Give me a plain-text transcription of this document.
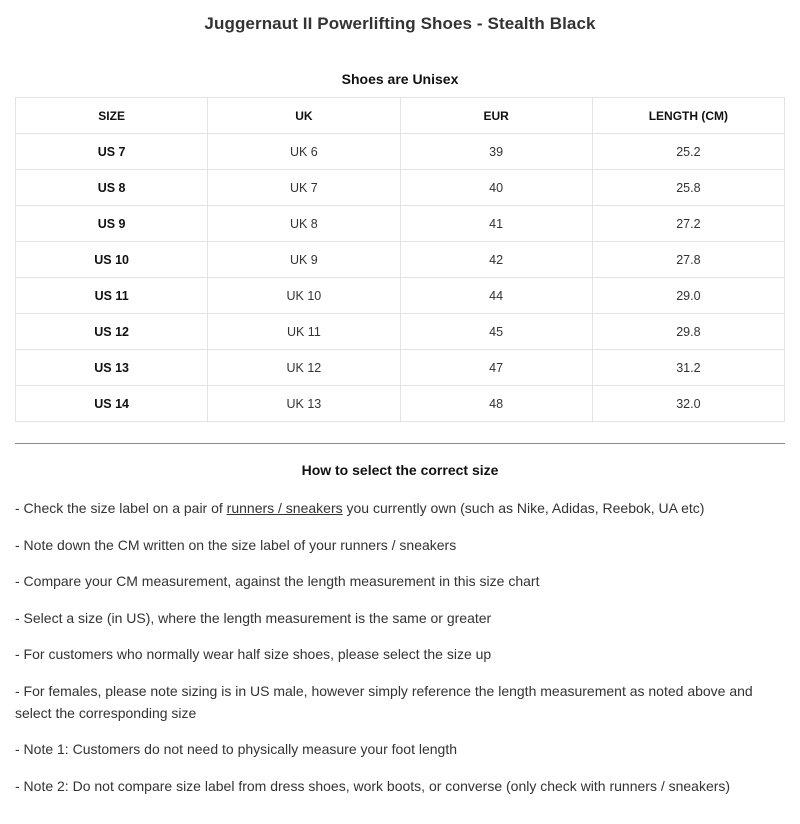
Juggernaut II Powerlifting Shoes - Stealth Black
Shoes are Unisex
SIZE	UK	EUR	LENGTH (CM)
US 7	UK 6	39	25.2
US 8	UK 7	40	25.8
US 9	UK 8	41	27.2
US 10	UK 9	42	27.8
US 11	UK 10	44	29.0
US 12	UK 11	45	29.8
US 13	UK 12	47	31.2
US 14	UK 13	48	32.0
How to select the correct size

- Check the size label on a pair of runners / sneakers you currently own (such as Nike, Adidas, Reebok, UA etc)

- Note down the CM written on the size label of your runners / sneakers

- Compare your CM measurement, against the length measurement in this size chart

- Select a size (in US), where the length measurement is the same or greater

- For customers who normally wear half size shoes, please select the size up

- For females, please note sizing is in US male, however simply reference the length measurement as noted above and select the corresponding size

- Note 1: Customers do not need to physically measure your foot length

- Note 2: Do not compare size label from dress shoes, work boots, or converse (only check with runners / sneakers)
